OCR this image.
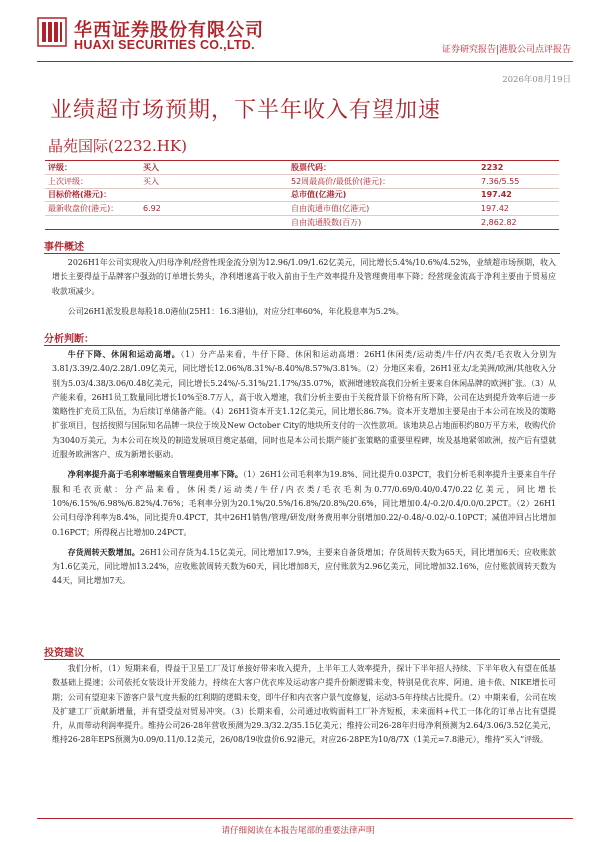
华西证券股份有限公司
HUAXI SECURITIES CO.,LTD.	证券研究报告|港股公司点评报告
2026年08月19日
业绩超市场预期，下半年收入有望加速
晶苑国际(2232.HK)
评级：	买入	股票代码：	2232
上次评级：	买入	52周最高价/最低价(港元)：	7.36/5.55
目标价格(港元)：		总市值(亿港元)	197.42
最新收盘价(港元)：	6.92	自由流通市值(亿港元)	197.42
		自由流通股数(百万)	2,862.82
事件概述

2026H1年公司实现收入/归母净利/经营性现金流分别为12.96/1.09/1.62亿美元，同比增长5.4%/10.6%/4.52%，业绩超市场预期，收入增长主要得益于品牌客户强劲的订单增长势头，净利增速高于收入前由于生产效率提升及管理费用率下降；经营现金流高于净利主要由于贸易应收款项减少。

公司26H1派发股息每股18.0港仙(25H1：16.3港仙)，对应分红率60%，年化股息率为5.2%。

分析判断：

牛仔下降、休闲和运动高增。（1）分产品来看，牛仔下降、休闲和运动高增：26H1休闲类/运动类/牛仔/内衣类/毛衣收入分别为3.81/3.39/2.40/2.28/1.09亿美元，同比增长12.06%/8.31%/-8.40%/8.57%/3.81%。（2）分地区来看，26H1亚太/北美洲/欧洲/其他收入分别为5.03/4.38/3.06/0.48亿美元，同比增长5.24%/-5.31%/21.17%/35.07%，欧洲增速较高我们分析主要来自休闲品牌的欧洲扩张。（3）从产能来看，26H1员工数量同比增长10%至8.7万人，高于收入增速，我们分析主要由于关税背景下价格有所下降，公司在达到提升效率后进一步策略性扩充员工队伍，为后续订单储备产能。（4）26H1资本开支1.12亿美元，同比增长86.7%。资本开支增加主要是由于本公司在埃及的策略扩张项目，包括按照与国际知名品牌一块位于埃及New October City的地块所支付的一次性款项。该地块总占地面积约80万平方米，收购代价为3040万美元，为本公司在埃及的制造发展项目奠定基础，同时也是本公司长期产能扩张策略的重要里程碑，埃及基地紧邻欧洲，按产后有望就近服务欧洲客户、成为新增长驱动。

净利率提升高于毛利率增幅来自管理费用率下降。（1）26H1公司毛利率为19.8%、同比提升0.03PCT，我们分析毛利率提升主要来自牛仔服和毛衣贡献：分产品来看，休闲类/运动类/牛仔/内衣类/毛衣毛利为0.77/0.69/0.40/0.47/0.22亿美元，同比增长10%/6.15%/6.98%/6.82%/4.76%；毛利率分别为20.1%/20.5%/16.8%/20.8%/20.6%，同比增加0.4/-0.2/0.4/0.0/0.2PCT。（2）26H1公司归母净利率为8.4%，同比提升0.4PCT，其中26H1销售/管理/研发/财务费用率分别增加0.22/-0.48/-0.02/-0.10PCT；减值冲回占比增加0.16PCT；所得税占比增加0.24PCT。

存货周转天数增加。26H1公司存货为4.15亿美元，同比增加17.9%，主要来自备货增加；存货周转天数为65天，同比增加6天；应收账款为1.6亿美元，同比增加13.24%，应收账款周转天数为60天，同比增加8天，应付账款为2.96亿美元，同比增加32.16%，应付账款周转天数为44天，同比增加7天。

投资建议

我们分析，（1）短期来看，得益于卫星工厂及订单接好带来收入提升，上半年工人效率提升，探计下半年招人持续、下半年收入有望在低基数基础上提速；公司依托女装设计开发能力，持续在大客户优衣库及运动客户提升份额逻辑未变，特别是优衣库、阿迪、迪卡侬、NIKE增长可期；公司有望迎来下游客户景气度共振的红利期的逻辑未变，即牛仔和内衣客户景气度修复，运动3-5年持续占比提升。（2）中期来看，公司在埃及扩建工厂贡献新增量，并有望受益对贸易冲突。（3）长期来看，公司通过收购面料工厂补齐短板，未来面料+代工一体化的订单占比有望提升，从而带动利润率提升。维持公司26-28年营收预测为29.3/32.2/35.15亿美元；维持公司26-28年归母净利预测为2.64/3.06/3.52亿美元，维持26-28年EPS预测为0.09/0.11/0.12美元，26/08/19收盘价6.92港元，对应26-28PE为10/8/7X（1美元=7.8港元），维持“买入”评级。

请仔细阅读在本报告尾部的重要法律声明
